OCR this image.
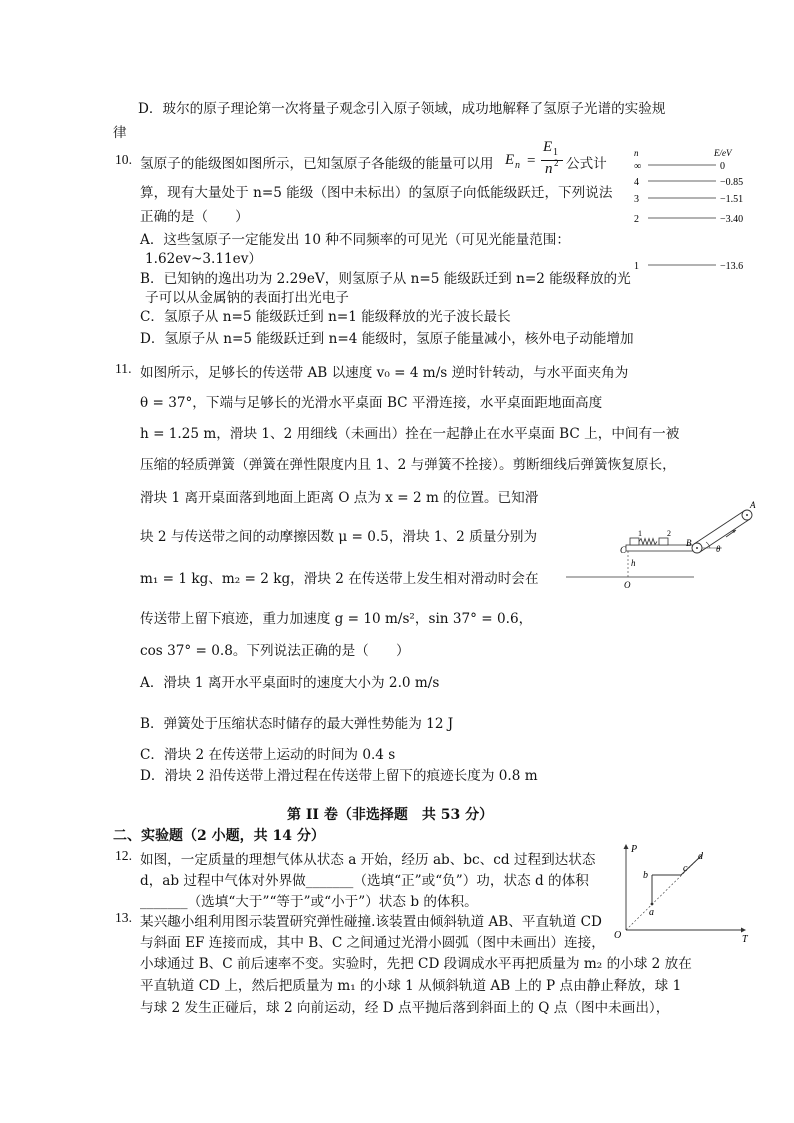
D．玻尔的原子理论第一次将量子观念引入原子领域，成功地解释了氢原子光谱的实验规
律
10. 氢原子的能级图如图所示，已知氢原子各能级的能量可以用 E n =
E 1
n 2 公式计
算，现有大量处于 n=5 能级（图中未标出）的氢原子向低能级跃迁，下列说法
正确的是（　　）
A．这些氢原子一定能发出 10 种不同频率的可见光（可见光能量范围：
1.62ev~3.11ev）
B．已知钠的逸出功为 2.29eV，则氢原子从 n=5 能级跃迁到 n=2 能级释放的光
子可以从金属钠的表面打出光电子
C．氢原子从 n=5 能级跃迁到 n=1 能级释放的光子波长最长
D．氢原子从 n=5 能级跃迁到 n=4 能级时，氢原子能量减小，核外电子动能增加
n	E/eV
∞	0
4	−0.85
3	−1.51
2	−3.40
1	−13.6
11. 如图所示，足够长的传送带 AB 以速度 v₀ = 4 m/s 逆时针转动，与水平面夹角为
θ = 37°，下端与足够长的光滑水平桌面 BC 平滑连接，水平桌面距地面高度
h = 1.25 m，滑块 1、2 用细线（未画出）拴在一起静止在水平桌面 BC 上，中间有一被
压缩的轻质弹簧（弹簧在弹性限度内且 1、2 与弹簧不拴接）。剪断细线后弹簧恢复原长，
滑块 1 离开桌面落到地面上距离 O 点为 x = 2 m 的位置。已知滑
块 2 与传送带之间的动摩擦因数 μ = 0.5，滑块 1、2 质量分别为
m₁ = 1 kg、m₂ = 2 kg，滑块 2 在传送带上发生相对滑动时会在
传送带上留下痕迹，重力加速度 g = 10 m/s²，sin 37° = 0.6，
cos 37° = 0.8。下列说法正确的是（　　）
A．滑块 1 离开水平桌面时的速度大小为 2.0 m/s
B．弹簧处于压缩状态时储存的最大弹性势能为 12 J
C．滑块 2 在传送带上运动的时间为 0.4 s
D．滑块 2 沿传送带上滑过程在传送带上留下的痕迹长度为 0.8 m
θ
A
B
C
O
h
1	2
第 II 卷（非选择题　共 53 分）
二、实验题（2 小题，共 14 分）
12. 如图，一定质量的理想气体从状态 a 开始，经历 ab、bc、cd 过程到达状态
d，ab 过程中气体对外界做_______（选填“正”或“负”）功，状态 d 的体积
_______（选填“大于”“等于”或“小于”）状态 b 的体积。
P
T
O
a
b
c
d
13. 某兴趣小组利用图示装置研究弹性碰撞.该装置由倾斜轨道 AB、平直轨道 CD
与斜面 EF 连接而成，其中 B、C 之间通过光滑小圆弧（图中未画出）连接，
小球通过 B、C 前后速率不变。实验时，先把 CD 段调成水平再把质量为 m₂ 的小球 2 放在
平直轨道 CD 上，然后把质量为 m₁ 的小球 1 从倾斜轨道 AB 上的 P 点由静止释放，球 1
与球 2 发生正碰后，球 2 向前运动，经 D 点平抛后落到斜面上的 Q 点（图中未画出），
